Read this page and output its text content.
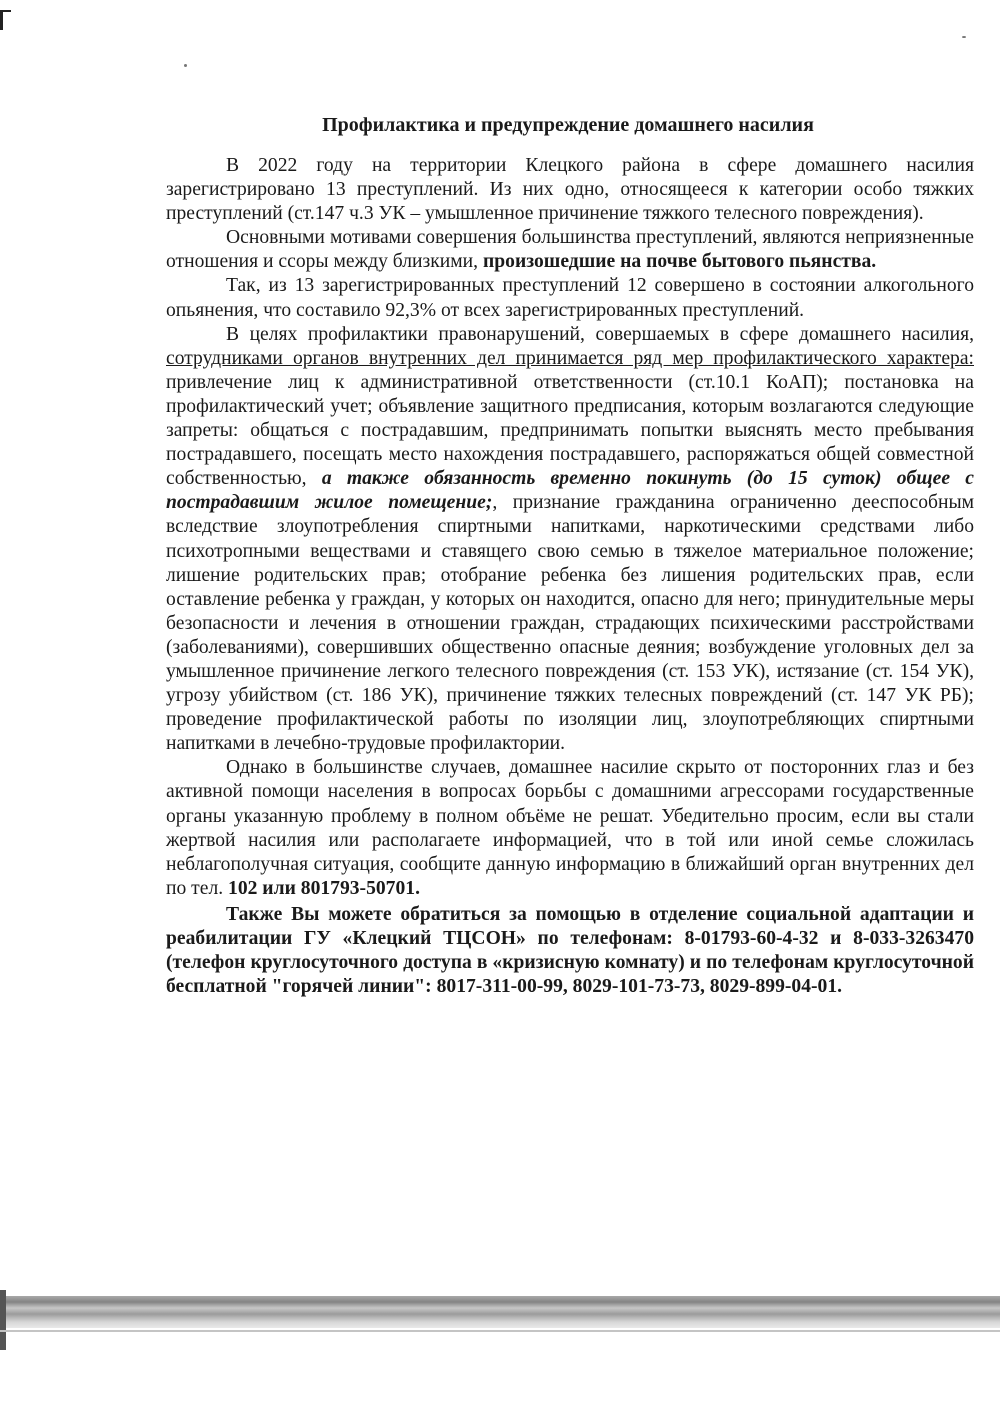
Профилактика и предупреждение домашнего насилия

В 2022 году на территории Клецкого района в сфере домашнего насилия зарегистрировано 13 преступлений. Из них одно, относящееся к категории особо тяжких преступлений (ст.147 ч.3 УК – умышленное причинение тяжкого телесного повреждения).

Основными мотивами совершения большинства преступлений, являются неприязненные отношения и ссоры между близкими, произошедшие на почве бытового пьянства.

Так, из 13 зарегистрированных преступлений 12 совершено в состоянии алкогольного опьянения, что составило 92,3% от всех зарегистрированных преступлений.

В целях профилактики правонарушений, совершаемых в сфере домашнего насилия, сотрудниками органов внутренних дел принимается ряд мер профилактического характера: привлечение лиц к административной ответственности (ст.10.1 КоАП); постановка на профилактический учет; объявление защитного предписания, которым возлагаются следующие запреты: общаться с пострадавшим, предпринимать попытки выяснять место пребывания пострадавшего, посещать место нахождения пострадавшего, распоряжаться общей совместной собственностью, а также обязанность временно покинуть (до 15 суток) общее с пострадавшим жилое помещение;, признание гражданина ограниченно дееспособным вследствие злоупотребления спиртными напитками, наркотическими средствами либо психотропными веществами и ставящего свою семью в тяжелое материальное положение; лишение родительских прав; отобрание ребенка без лишения родительских прав, если оставление ребенка у граждан, у которых он находится, опасно для него; принудительные меры безопасности и лечения в отношении граждан, страдающих психическими расстройствами (заболеваниями), совершивших общественно опасные деяния; возбуждение уголовных дел за умышленное причинение легкого телесного повреждения (ст. 153 УК), истязание (ст. 154 УК), угрозу убийством (ст. 186 УК), причинение тяжких телесных повреждений (ст. 147 УК РБ); проведение профилактической работы по изоляции лиц, злоупотребляющих спиртными напитками в лечебно-трудовые профилактории.

Однако в большинстве случаев, домашнее насилие скрыто от посторонних глаз и без активной помощи населения в вопросах борьбы с домашними агрессорами государственные органы указанную проблему в полном объёме не решат. Убедительно просим, если вы стали жертвой насилия или располагаете информацией, что в той или иной семье сложилась неблагополучная ситуация, сообщите данную информацию в ближайший орган внутренних дел по тел. 102 или 801793-50701.

Также Вы можете обратиться за помощью в отделение социальной адаптации и реабилитации ГУ «Клецкий ТЦСОН» по телефонам: 8-01793-60-4-32 и 8-033-3263470 (телефон круглосуточного доступа в «кризисную комнату) и по телефонам круглосуточной бесплатной "горячей линии": 8017-311-00-99, 8029-101-73-73, 8029-899-04-01.
